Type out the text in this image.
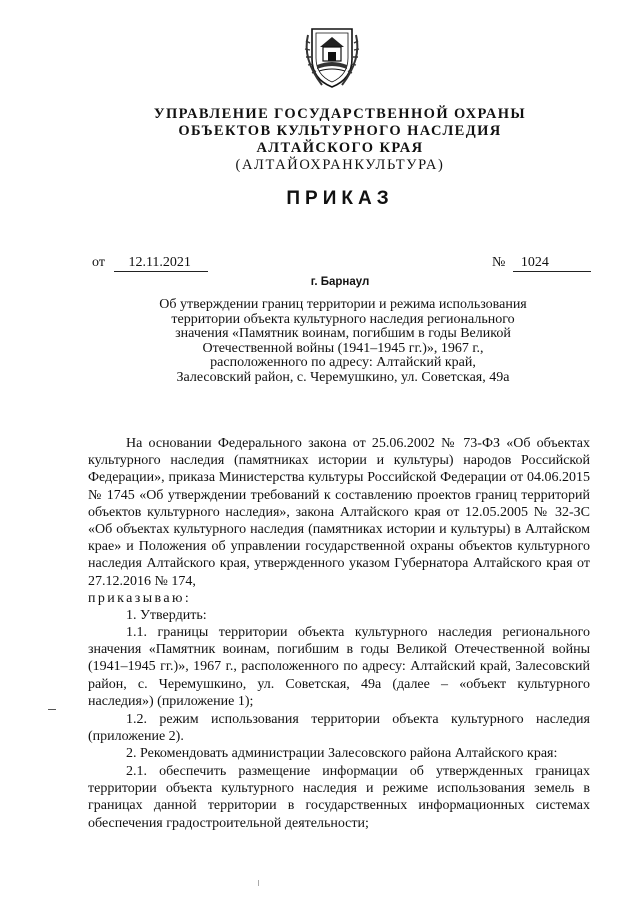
УПРАВЛЕНИЕ ГОСУДАРСТВЕННОЙ ОХРАНЫ
ОБЪЕКТОВ КУЛЬТУРНОГО НАСЛЕДИЯ
АЛТАЙСКОГО КРАЯ
(АЛТАЙОХРАНКУЛЬТУРА)
ПРИКАЗ
от 12.11.2021	№ 1024
г. Барнаул
Об утверждении границ территории и режима использования
территории объекта культурного наследия регионального
значения «Памятник воинам, погибшим в годы Великой
Отечественной войны (1941–1945 гг.)», 1967 г.,
расположенного по адресу: Алтайский край,
Залесовский район, с. Черемушкино, ул. Советская, 49а
На основании Федерального закона от 25.06.2002 № 73-ФЗ «Об объектах культурного наследия (памятниках истории и культуры) народов Российской Федерации», приказа Министерства культуры Российской Федерации от 04.06.2015 № 1745 «Об утверждении требований к составлению проектов границ территорий объектов культурного наследия», закона Алтайского края от 12.05.2005 № 32-ЗС «Об объектах культурного наследия (памятниках истории и культуры) в Алтайском крае» и Положения об управлении государственной охраны объектов культурного наследия Алтайского края, утвержденного указом Губернатора Алтайского края от 27.12.2016 № 174,
приказываю:
1. Утвердить:
1.1. границы территории объекта культурного наследия регионального значения «Памятник воинам, погибшим в годы Великой Отечественной войны (1941–1945 гг.)», 1967 г., расположенного по адресу: Алтайский край, Залесовский район, с. Черемушкино, ул. Советская, 49а (далее – «объект культурного наследия») (приложение 1);
1.2. режим использования территории объекта культурного наследия (приложение 2).
2. Рекомендовать администрации Залесовского района Алтайского края:
2.1. обеспечить размещение информации об утвержденных границах территории объекта культурного наследия и режиме использования земель в границах данной территории в государственных информационных системах обеспечения градостроительной деятельности;
